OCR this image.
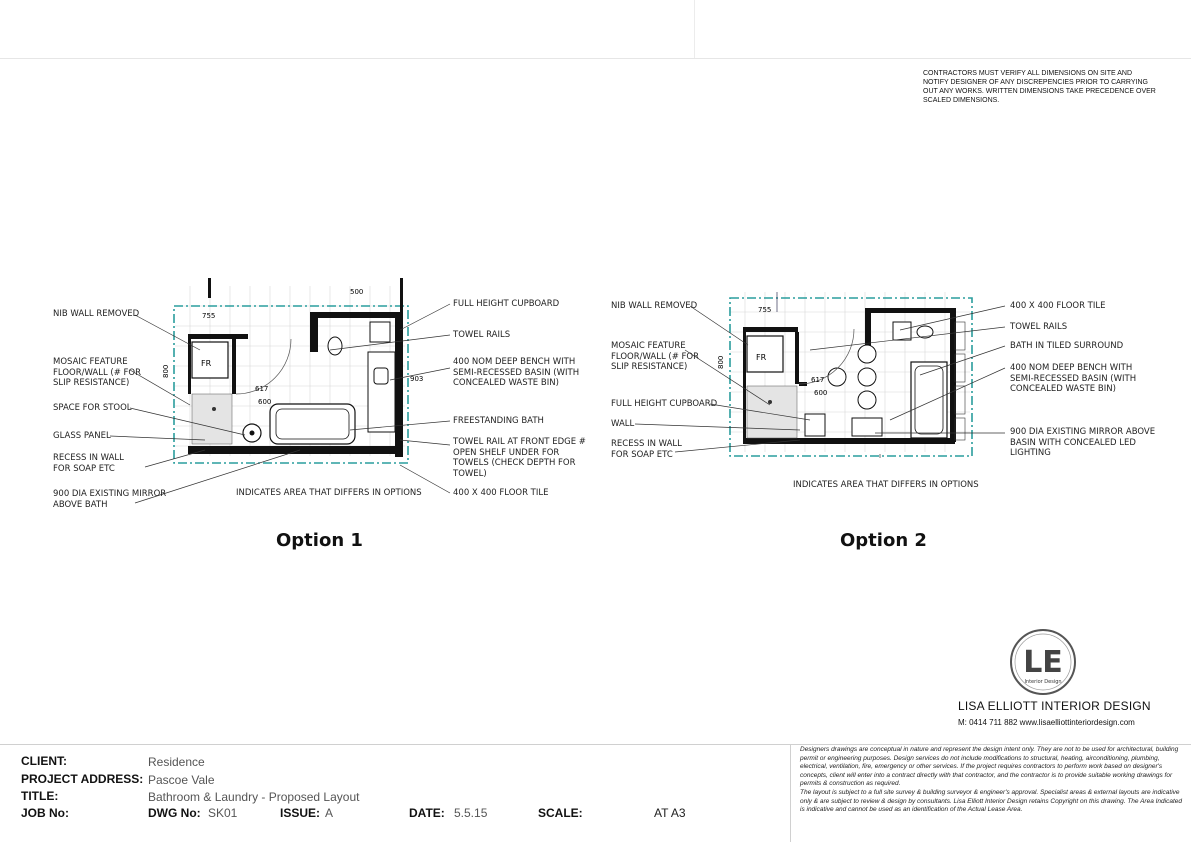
CONTRACTORS MUST VERIFY ALL DIMENSIONS ON SITE AND NOTIFY DESIGNER OF ANY DISCREPENCIES PRIOR TO CARRYING OUT ANY WORKS. WRITTEN DIMENSIONS TAKE PRECEDENCE OVER SCALED DIMENSIONS.
FR
755
800
500
617
600
903
NIB WALL REMOVED
MOSAIC FEATURE
FLOOR/WALL (# FOR
SLIP RESISTANCE)
SPACE FOR STOOL
GLASS PANEL
RECESS IN WALL
FOR SOAP ETC
900 DIA EXISTING MIRROR
ABOVE BATH
FULL HEIGHT CUPBOARD
TOWEL RAILS
400 NOM DEEP BENCH WITH
SEMI-RECESSED BASIN (WITH
CONCEALED WASTE BIN)
FREESTANDING BATH
TOWEL RAIL AT FRONT EDGE #
OPEN SHELF UNDER FOR
TOWELS (CHECK DEPTH FOR
TOWEL)
INDICATES AREA THAT DIFFERS IN OPTIONS	400 X 400 FLOOR TILE
Option 1
FR
755
800
617
600
NIB WALL REMOVED
MOSAIC FEATURE
FLOOR/WALL (# FOR
SLIP RESISTANCE)
FULL HEIGHT CUPBOARD
WALL
RECESS IN WALL
FOR SOAP ETC
INDICATES AREA THAT DIFFERS IN OPTIONS
400 X 400 FLOOR TILE
TOWEL RAILS
BATH IN TILED SURROUND
400 NOM DEEP BENCH WITH
SEMI-RECESSED BASIN (WITH
CONCEALED WASTE BIN)
900 DIA EXISTING MIRROR ABOVE
BASIN WITH CONCEALED LED
LIGHTING
Option 2
LE
Interior Design
LISA ELLIOTT INTERIOR DESIGN
M: 0414 711 882 www.lisaelliottinteriordesign.com
CLIENT:	Residence
PROJECT ADDRESS: Pascoe Vale
TITLE:	Bathroom & Laundry - Proposed Layout
JOB No:	DWG No: SK01	ISSUE: A	DATE: 5.5.15	SCALE:	AT A3

Designers drawings are conceptual in nature and represent the design intent only. They are not to be used for architectural, building permit or engineering purposes. Design services do not include modifications to structural, heating, airconditioning, plumbing, electrical, ventilation, fire, emergency or other services. If the project requires contractors to perform work based on designer's concepts, client will enter into a contract directly with that contractor, and the contractor is to provide suitable working drawings for permits & construction as required.

The layout is subject to a full site survey & building surveyor & engineer's approval. Specialist areas & external layouts are indicative only & are subject to review & design by consultants. Lisa Elliott Interior Design retains Copyright on this drawing. The Area Indicated is indicative and cannot be used as an identification of the Actual Lease Area.
